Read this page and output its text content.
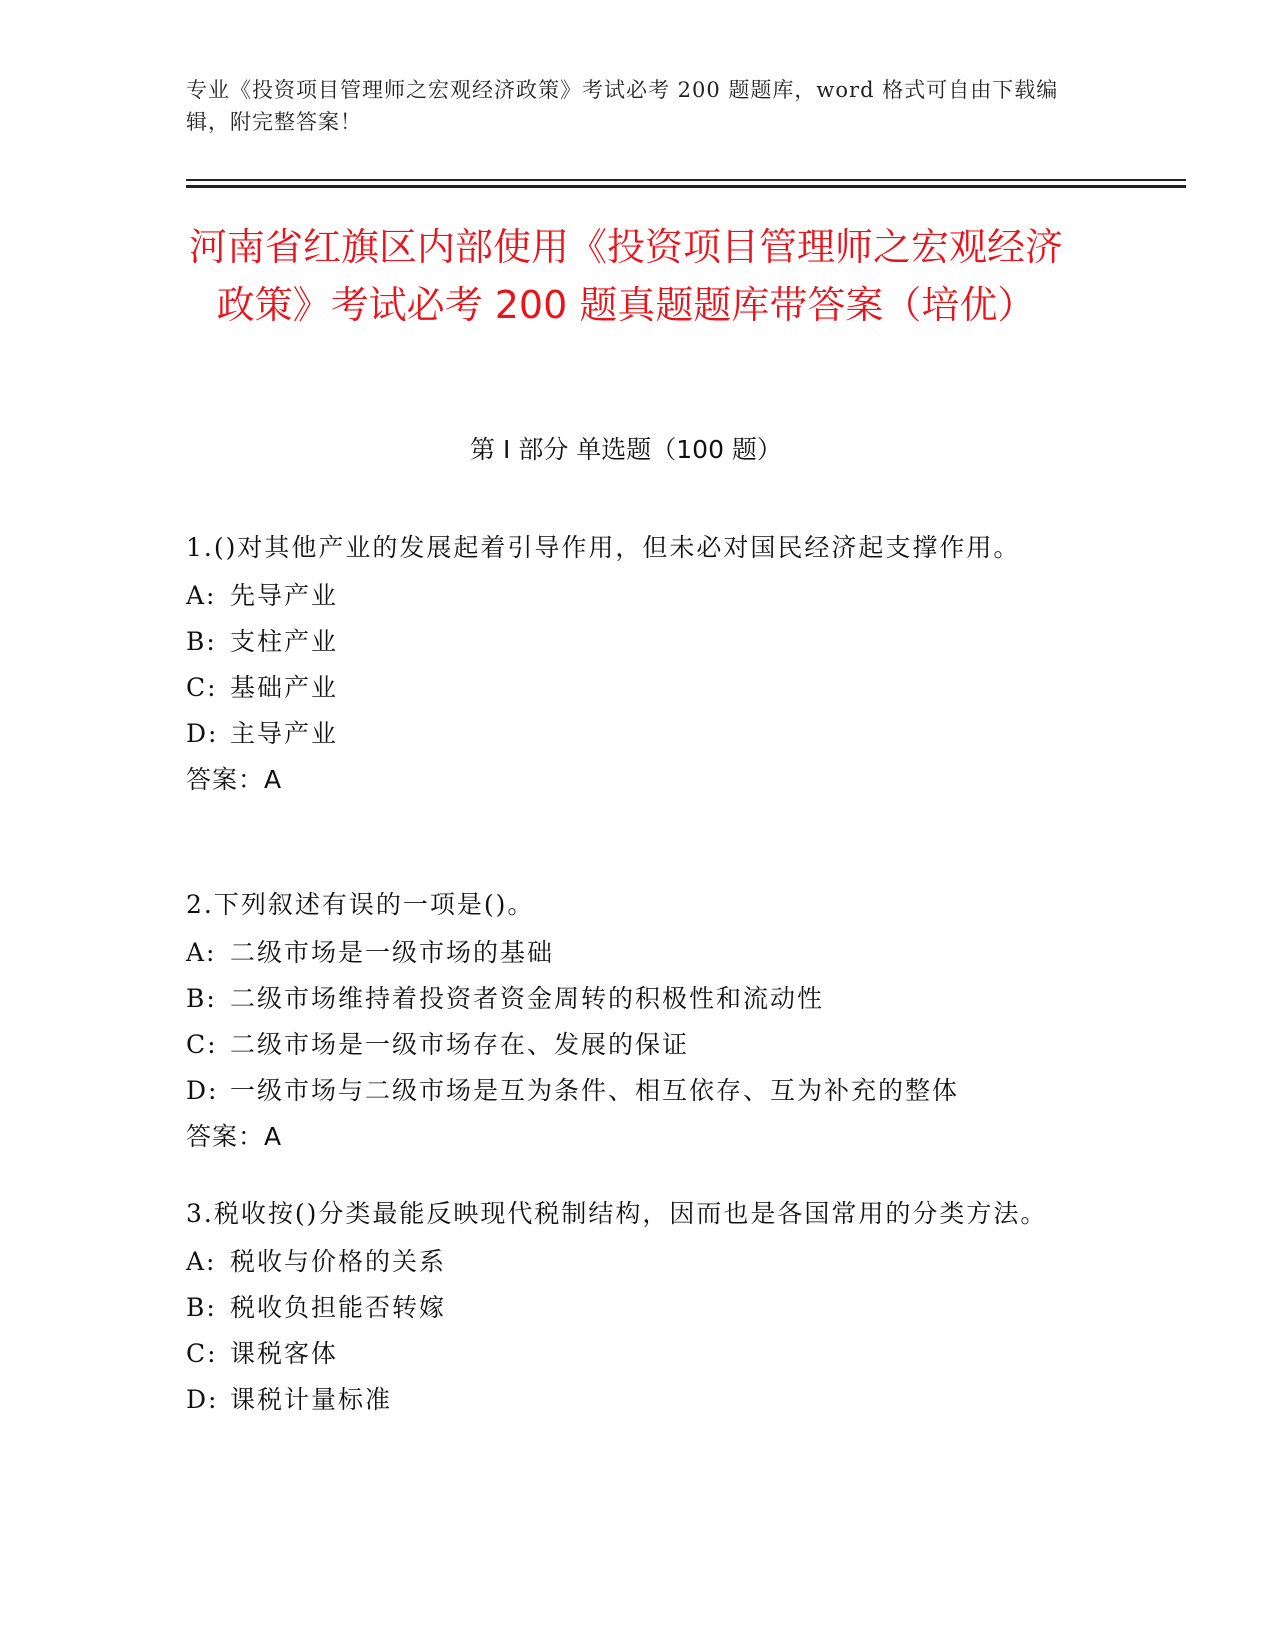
专业《投资项目管理师之宏观经济政策》考试必考 200 题题库，word 格式可自由下载编辑，附完整答案！
河南省红旗区内部使用《投资项目管理师之宏观经济政策》考试必考 200 题真题题库带答案（培优）
第 I 部分 单选题（100 题）
1.()对其他产业的发展起着引导作用，但未必对国民经济起支撑作用。
A: 先导产业
B: 支柱产业
C: 基础产业
D: 主导产业
答案：A
2.下列叙述有误的一项是()。
A: 二级市场是一级市场的基础
B: 二级市场维持着投资者资金周转的积极性和流动性
C: 二级市场是一级市场存在、发展的保证
D: 一级市场与二级市场是互为条件、相互依存、互为补充的整体
答案：A
3.税收按()分类最能反映现代税制结构，因而也是各国常用的分类方法。
A: 税收与价格的关系
B: 税收负担能否转嫁
C: 课税客体
D: 课税计量标准
